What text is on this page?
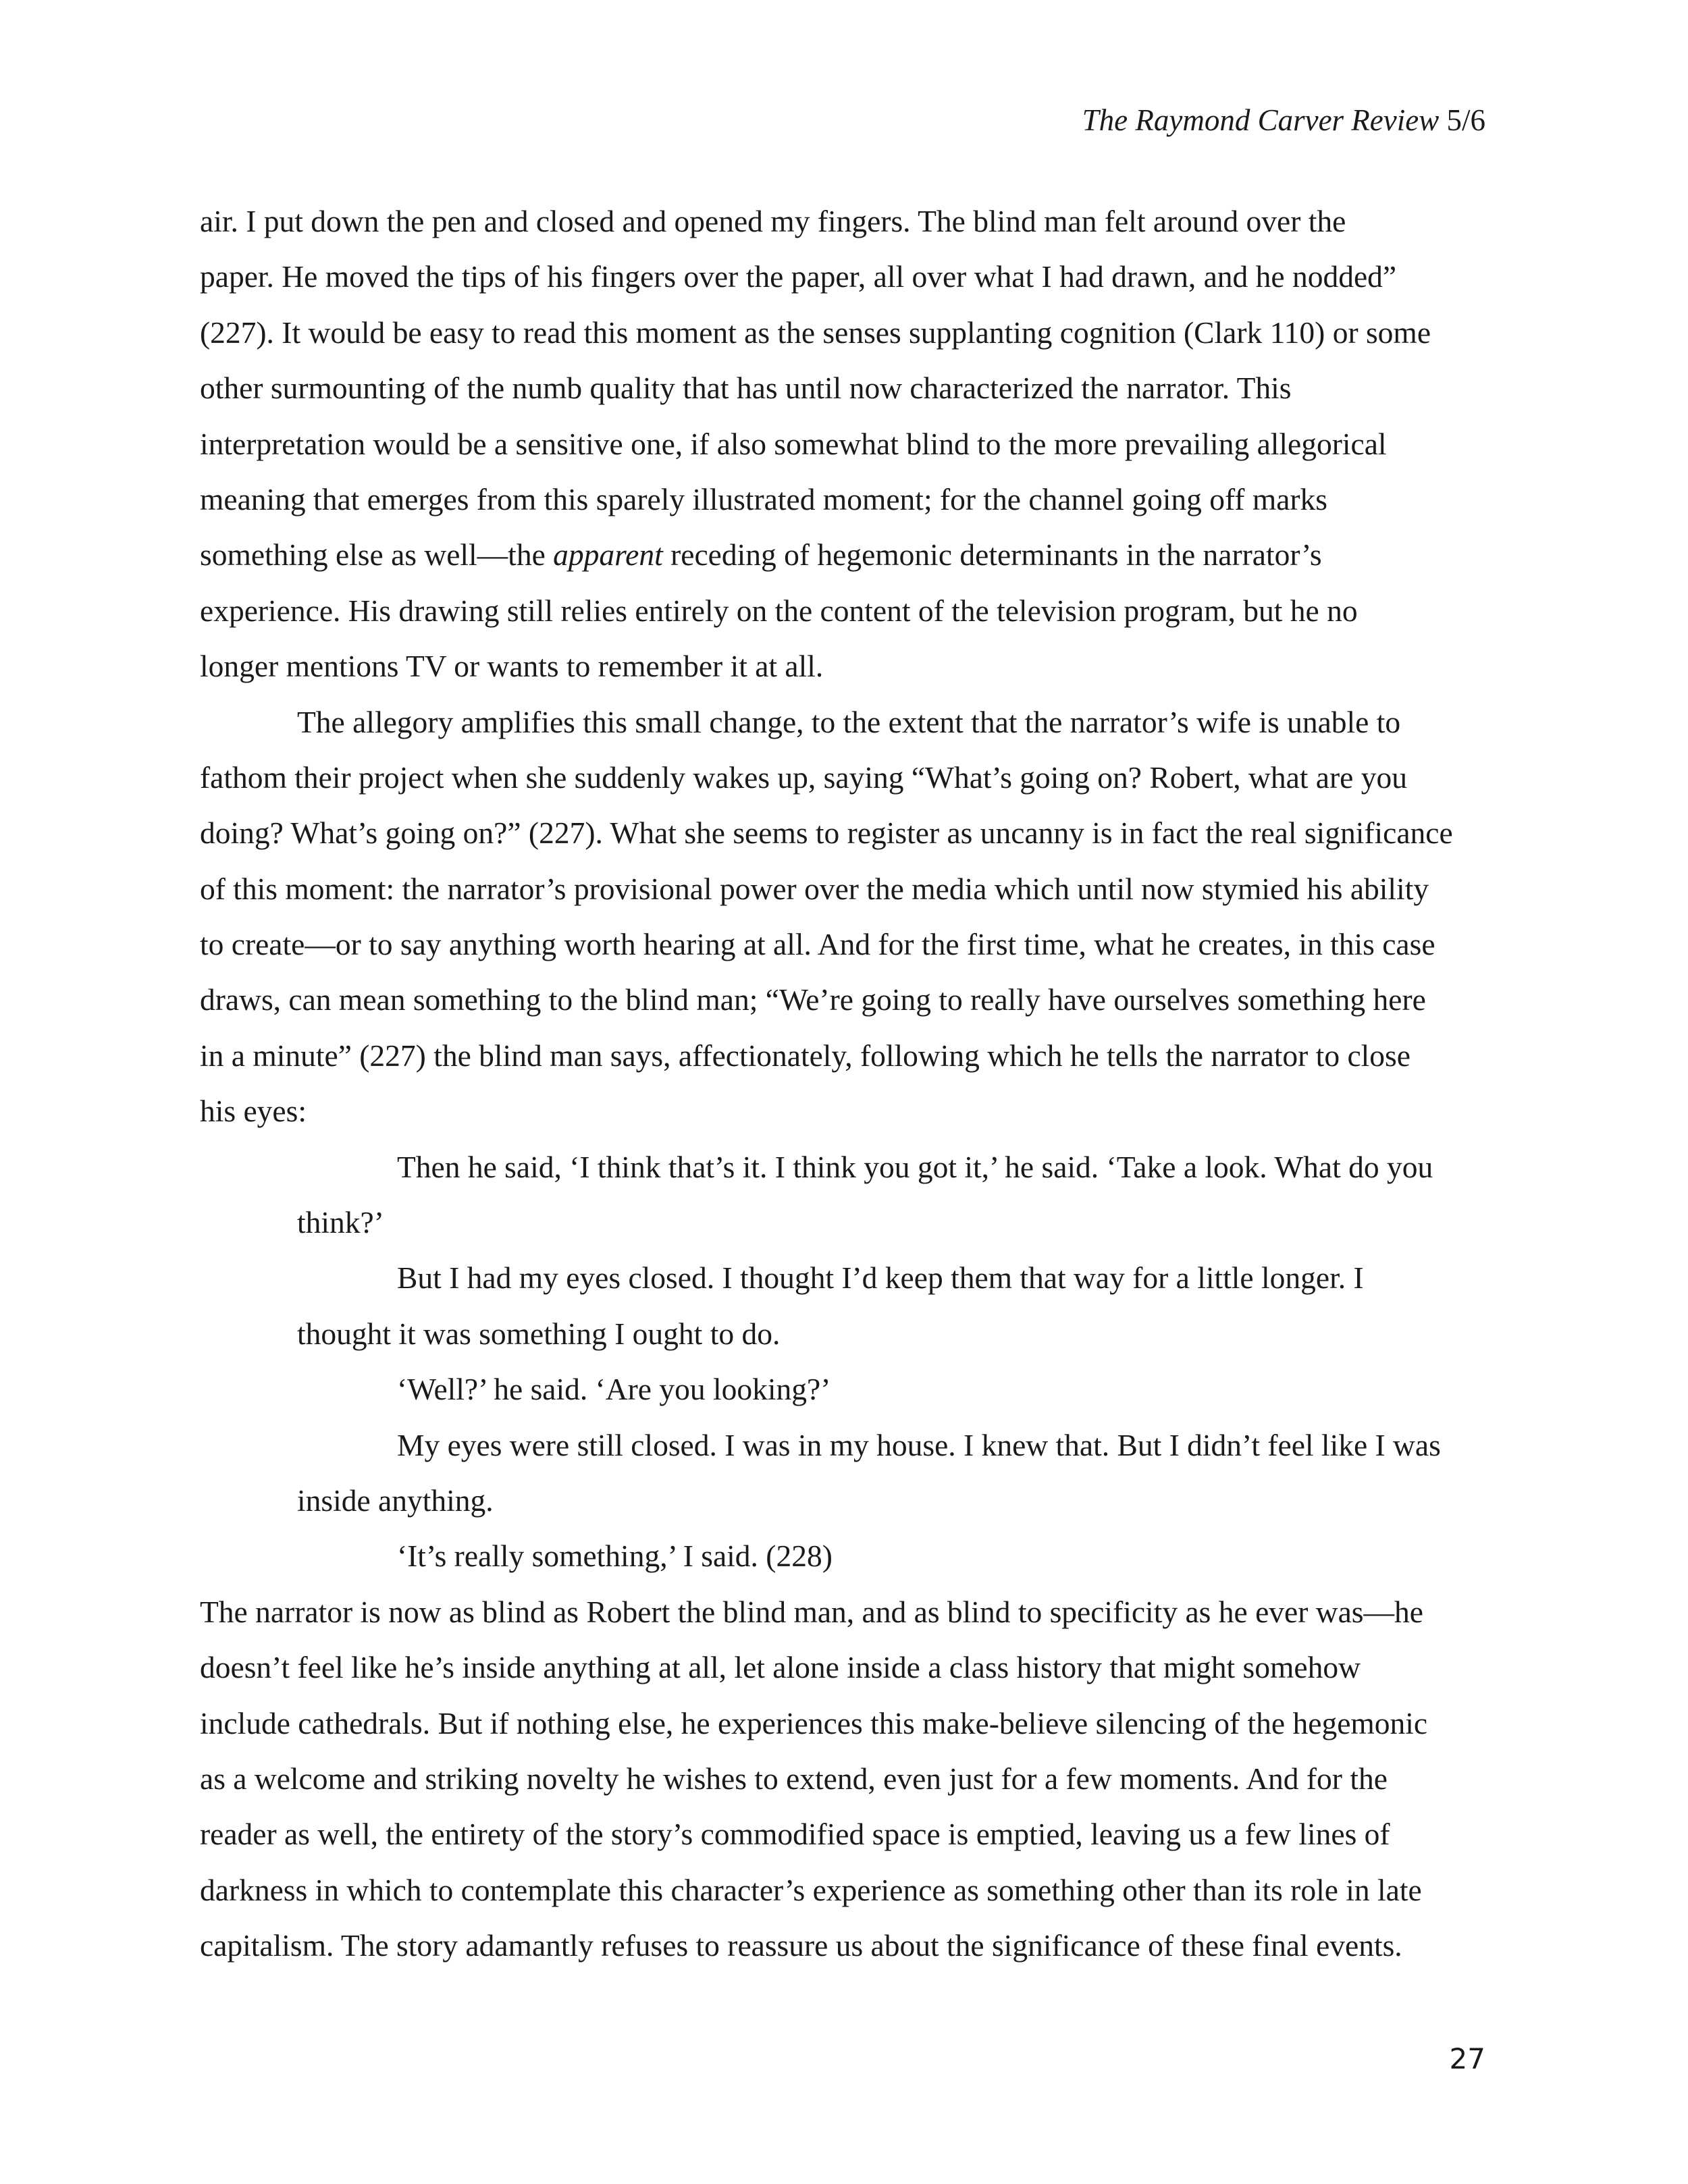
The Raymond Carver Review 5/6
air. I put down the pen and closed and opened my fingers. The blind man felt around over the
paper. He moved the tips of his fingers over the paper, all over what I had drawn, and he nodded”
(227). It would be easy to read this moment as the senses supplanting cognition (Clark 110) or some
other surmounting of the numb quality that has until now characterized the narrator. This
interpretation would be a sensitive one, if also somewhat blind to the more prevailing allegorical
meaning that emerges from this sparely illustrated moment; for the channel going off marks
something else as well—the apparent receding of hegemonic determinants in the narrator’s
experience. His drawing still relies entirely on the content of the television program, but he no
longer mentions TV or wants to remember it at all.
The allegory amplifies this small change, to the extent that the narrator’s wife is unable to
fathom their project when she suddenly wakes up, saying “What’s going on? Robert, what are you
doing? What’s going on?” (227). What she seems to register as uncanny is in fact the real significance
of this moment: the narrator’s provisional power over the media which until now stymied his ability
to create—or to say anything worth hearing at all. And for the first time, what he creates, in this case
draws, can mean something to the blind man; “We’re going to really have ourselves something here
in a minute” (227) the blind man says, affectionately, following which he tells the narrator to close
his eyes:
Then he said, ‘I think that’s it. I think you got it,’ he said. ‘Take a look. What do you
think?’
But I had my eyes closed. I thought I’d keep them that way for a little longer. I
thought it was something I ought to do.
‘Well?’ he said. ‘Are you looking?’
My eyes were still closed. I was in my house. I knew that. But I didn’t feel like I was
inside anything.
‘It’s really something,’ I said. (228)
The narrator is now as blind as Robert the blind man, and as blind to specificity as he ever was—he
doesn’t feel like he’s inside anything at all, let alone inside a class history that might somehow
include cathedrals. But if nothing else, he experiences this make-believe silencing of the hegemonic
as a welcome and striking novelty he wishes to extend, even just for a few moments. And for the
reader as well, the entirety of the story’s commodified space is emptied, leaving us a few lines of
darkness in which to contemplate this character’s experience as something other than its role in late
capitalism. The story adamantly refuses to reassure us about the significance of these final events.
27
